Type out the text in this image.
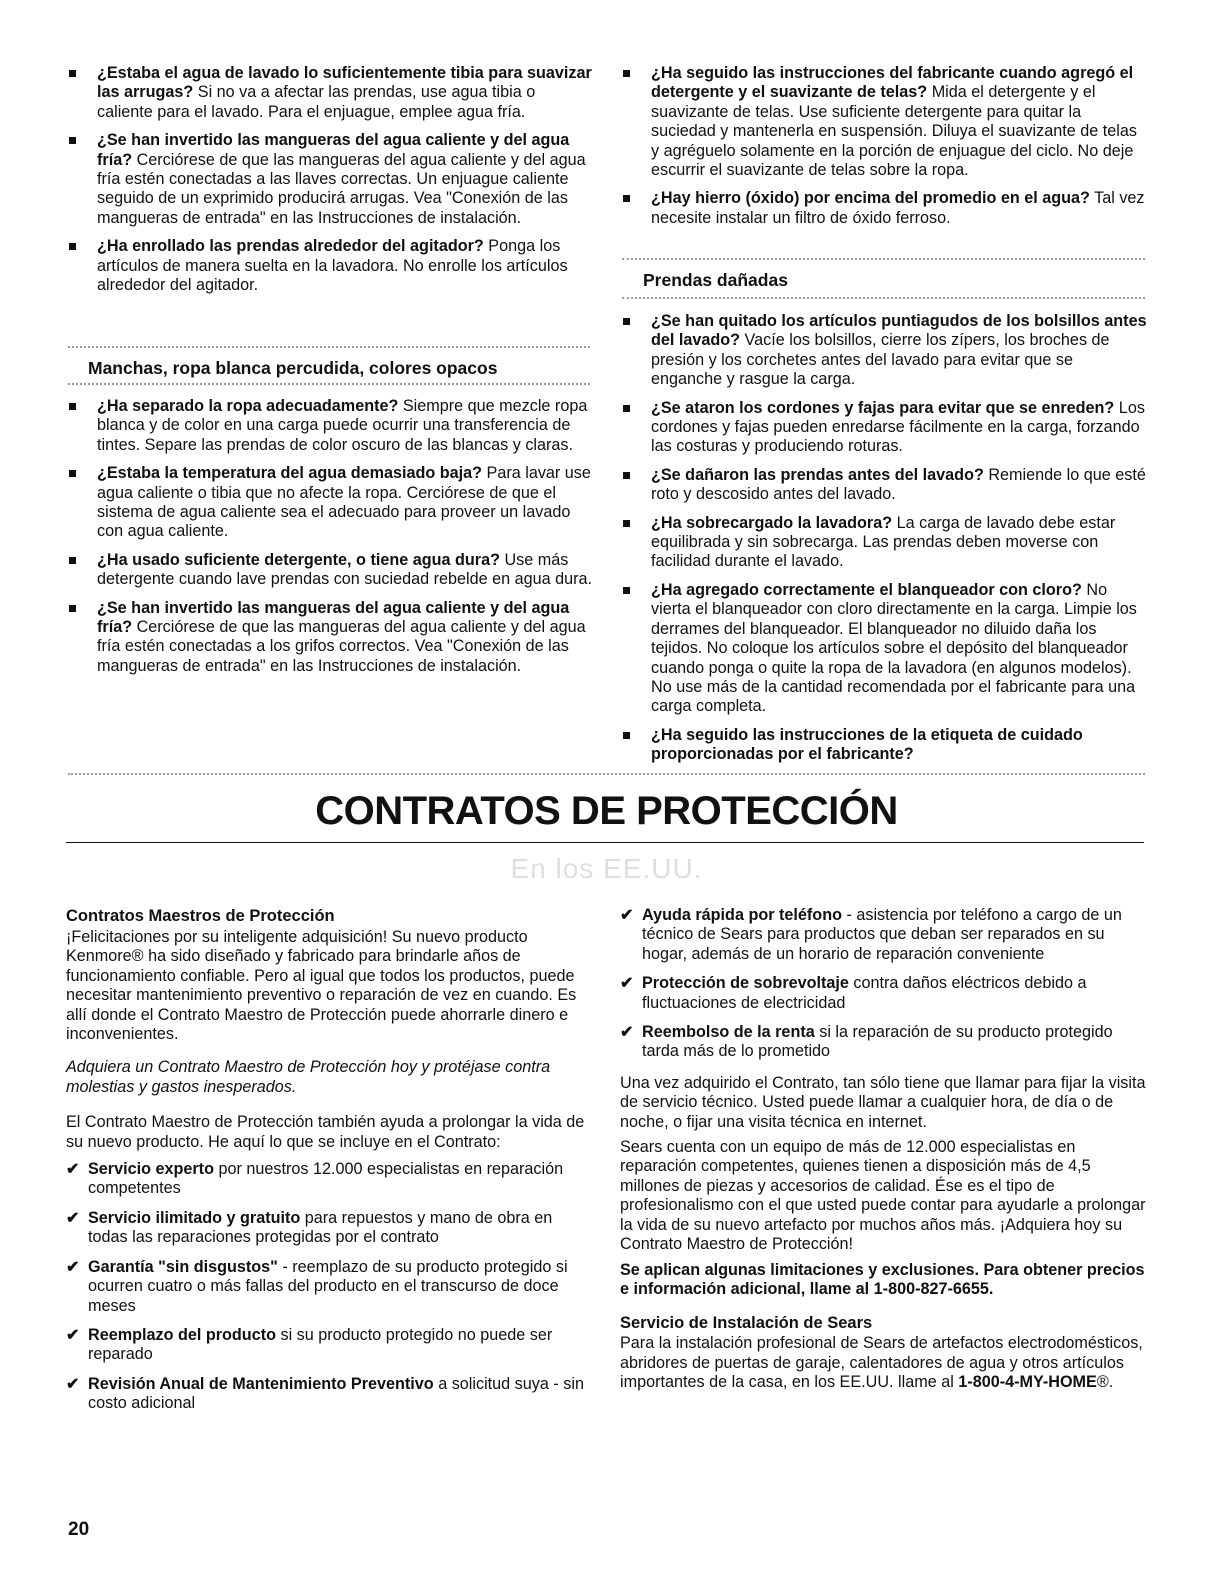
¿Estaba el agua de lavado lo suficientemente tibia para suavizar las arrugas? Si no va a afectar las prendas, use agua tibia o caliente para el lavado. Para el enjuague, emplee agua fría.
¿Se han invertido las mangueras del agua caliente y del agua fría? Cerciórese de que las mangueras del agua caliente y del agua fría estén conectadas a las llaves correctas. Un enjuague caliente seguido de un exprimido producirá arrugas. Vea "Conexión de las mangueras de entrada" en las Instrucciones de instalación.
¿Ha enrollado las prendas alrededor del agitador? Ponga los artículos de manera suelta en la lavadora. No enrolle los artículos alrededor del agitador.
Manchas, ropa blanca percudida, colores opacos
¿Ha separado la ropa adecuadamente? Siempre que mezcle ropa blanca y de color en una carga puede ocurrir una transferencia de tintes. Separe las prendas de color oscuro de las blancas y claras.
¿Estaba la temperatura del agua demasiado baja? Para lavar use agua caliente o tibia que no afecte la ropa. Cerciórese de que el sistema de agua caliente sea el adecuado para proveer un lavado con agua caliente.
¿Ha usado suficiente detergente, o tiene agua dura? Use más detergente cuando lave prendas con suciedad rebelde en agua dura.
¿Se han invertido las mangueras del agua caliente y del agua fría? Cerciórese de que las mangueras del agua caliente y del agua fría estén conectadas a los grifos correctos. Vea "Conexión de las mangueras de entrada" en las Instrucciones de instalación.
¿Ha seguido las instrucciones del fabricante cuando agregó el detergente y el suavizante de telas? Mida el detergente y el suavizante de telas. Use suficiente detergente para quitar la suciedad y mantenerla en suspensión. Diluya el suavizante de telas y agréguelo solamente en la porción de enjuague del ciclo. No deje escurrir el suavizante de telas sobre la ropa.
¿Hay hierro (óxido) por encima del promedio en el agua? Tal vez necesite instalar un filtro de óxido ferroso.
Prendas dañadas
¿Se han quitado los artículos puntiagudos de los bolsillos antes del lavado? Vacíe los bolsillos, cierre los zípers, los broches de presión y los corchetes antes del lavado para evitar que se enganche y rasgue la carga.
¿Se ataron los cordones y fajas para evitar que se enreden? Los cordones y fajas pueden enredarse fácilmente en la carga, forzando las costuras y produciendo roturas.
¿Se dañaron las prendas antes del lavado? Remiende lo que esté roto y descosido antes del lavado.
¿Ha sobrecargado la lavadora? La carga de lavado debe estar equilibrada y sin sobrecarga. Las prendas deben moverse con facilidad durante el lavado.
¿Ha agregado correctamente el blanqueador con cloro? No vierta el blanqueador con cloro directamente en la carga. Limpie los derrames del blanqueador. El blanqueador no diluido daña los tejidos. No coloque los artículos sobre el depósito del blanqueador cuando ponga o quite la ropa de la lavadora (en algunos modelos). No use más de la cantidad recomendada por el fabricante para una carga completa.
¿Ha seguido las instrucciones de la etiqueta de cuidado proporcionadas por el fabricante?
CONTRATOS DE PROTECCIÓN
En los EE.UU.
Contratos Maestros de Protección

¡Felicitaciones por su inteligente adquisición! Su nuevo producto Kenmore® ha sido diseñado y fabricado para brindarle años de funcionamiento confiable. Pero al igual que todos los productos, puede necesitar mantenimiento preventivo o reparación de vez en cuando. Es allí donde el Contrato Maestro de Protección puede ahorrarle dinero e inconvenientes.

Adquiera un Contrato Maestro de Protección hoy y protéjase contra molestias y gastos inesperados.

El Contrato Maestro de Protección también ayuda a prolongar la vida de su nuevo producto. He aquí lo que se incluye en el Contrato:

✔ Servicio experto por nuestros 12.000 especialistas en reparación competentes
✔ Servicio ilimitado y gratuito para repuestos y mano de obra en todas las reparaciones protegidas por el contrato
✔ Garantía "sin disgustos" - reemplazo de su producto protegido si ocurren cuatro o más fallas del producto en el transcurso de doce meses
✔ Reemplazo del producto si su producto protegido no puede ser reparado
✔ Revisión Anual de Mantenimiento Preventivo a solicitud suya - sin costo adicional
✔ Ayuda rápida por teléfono - asistencia por teléfono a cargo de un técnico de Sears para productos que deban ser reparados en su hogar, además de un horario de reparación conveniente
✔ Protección de sobrevoltaje contra daños eléctricos debido a fluctuaciones de electricidad
✔ Reembolso de la renta si la reparación de su producto protegido tarda más de lo prometido

Una vez adquirido el Contrato, tan sólo tiene que llamar para fijar la visita de servicio técnico. Usted puede llamar a cualquier hora, de día o de noche, o fijar una visita técnica en internet.

Sears cuenta con un equipo de más de 12.000 especialistas en reparación competentes, quienes tienen a disposición más de 4,5 millones de piezas y accesorios de calidad. Ése es el tipo de profesionalismo con el que usted puede contar para ayudarle a prolongar la vida de su nuevo artefacto por muchos años más. ¡Adquiera hoy su Contrato Maestro de Protección!

Se aplican algunas limitaciones y exclusiones. Para obtener precios e información adicional, llame al 1-800-827-6655.

Servicio de Instalación de Sears

Para la instalación profesional de Sears de artefactos electrodomésticos, abridores de puertas de garaje, calentadores de agua y otros artículos importantes de la casa, en los EE.UU. llame al 1-800-4-MY-HOME®.

20
